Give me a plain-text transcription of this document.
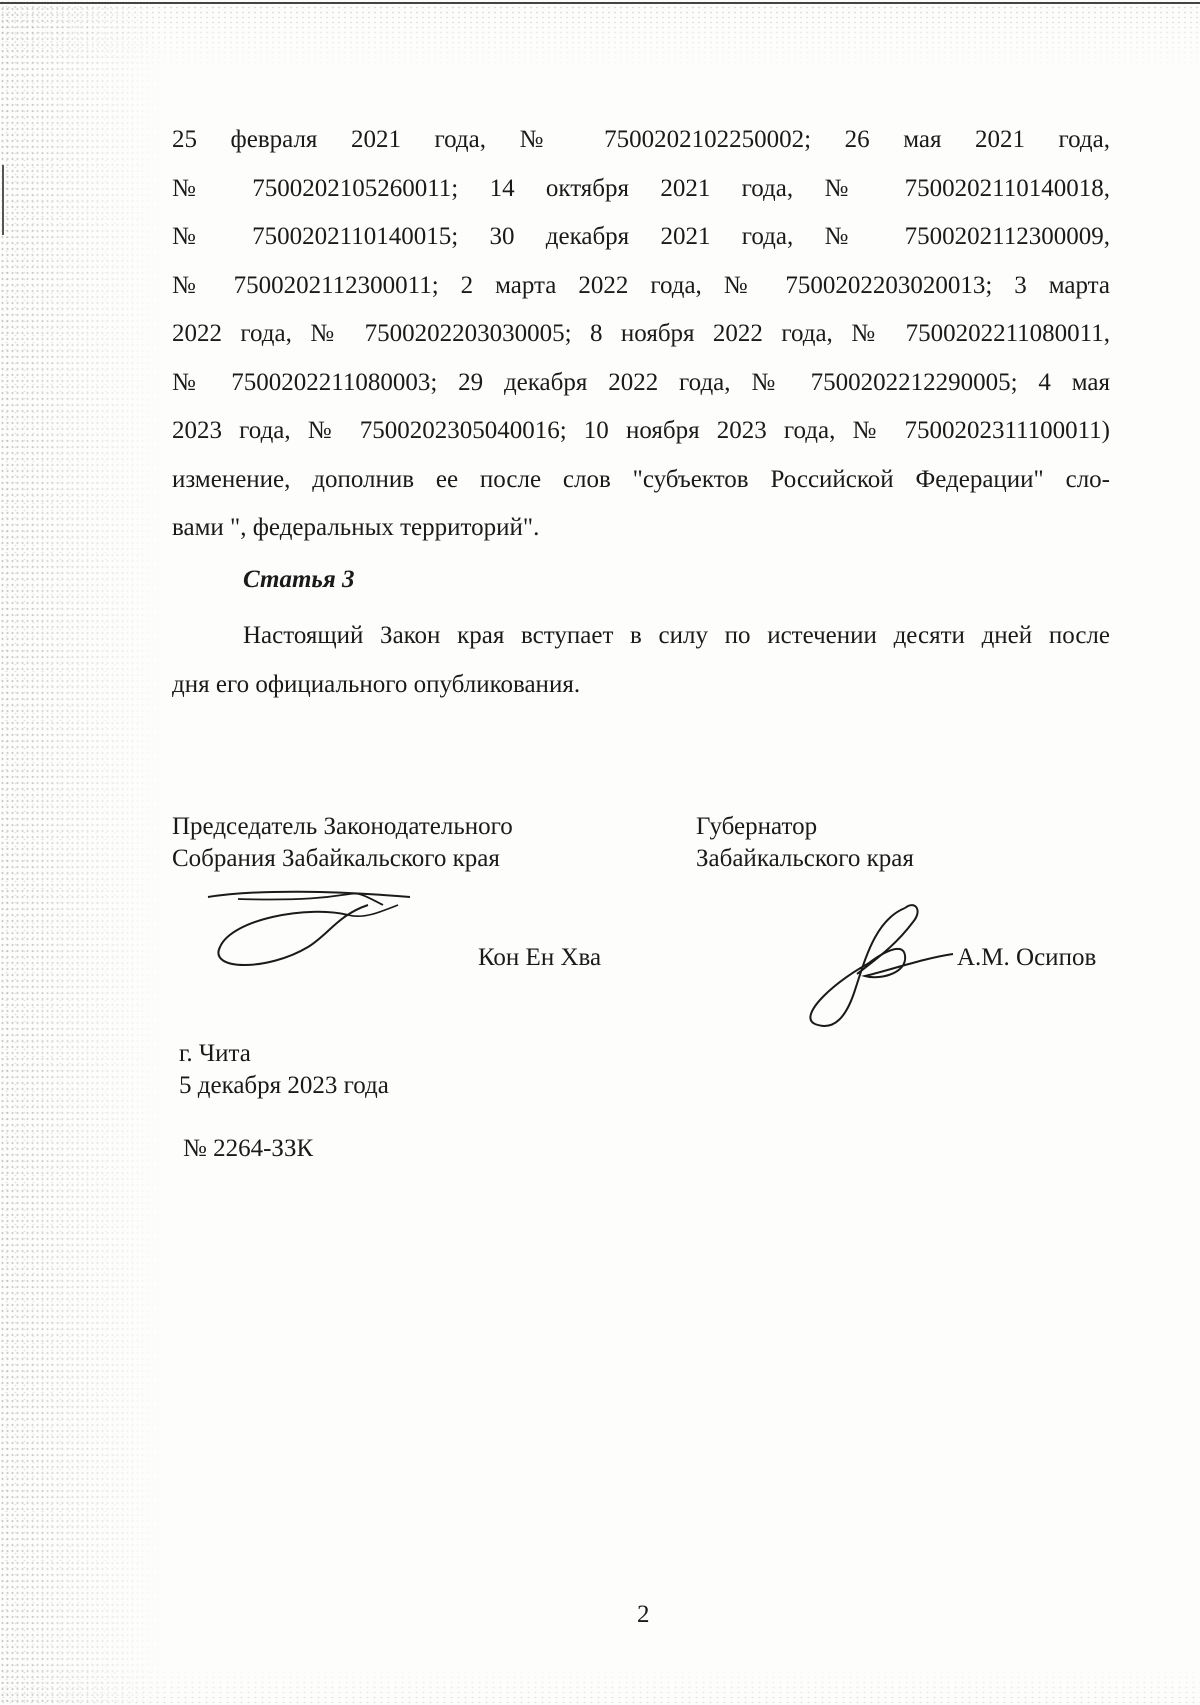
25 февраля 2021 года, № 7500202102250002; 26 мая 2021 года,
№ 7500202105260011; 14 октября 2021 года, № 7500202110140018,
№ 7500202110140015; 30 декабря 2021 года, № 7500202112300009,
№ 7500202112300011; 2 марта 2022 года, № 7500202203020013; 3 марта
2022 года, № 7500202203030005; 8 ноября 2022 года, № 7500202211080011,
№ 7500202211080003; 29 декабря 2022 года, № 7500202212290005; 4 мая
2023 года, № 7500202305040016; 10 ноября 2023 года, № 7500202311100011)
изменение, дополнив ее после слов "субъектов Российской Федерации" сло-
вами ", федеральных территорий".
Статья 3
Настоящий Закон края вступает в силу по истечении десяти дней после
дня его официального опубликования.
Председатель Законодательного
Собрания Забайкальского края
Губернатор
Забайкальского края
Кон Ен Хва	А.М. Осипов
г. Чита
5 декабря 2023 года
№ 2264-ЗЗК
2
